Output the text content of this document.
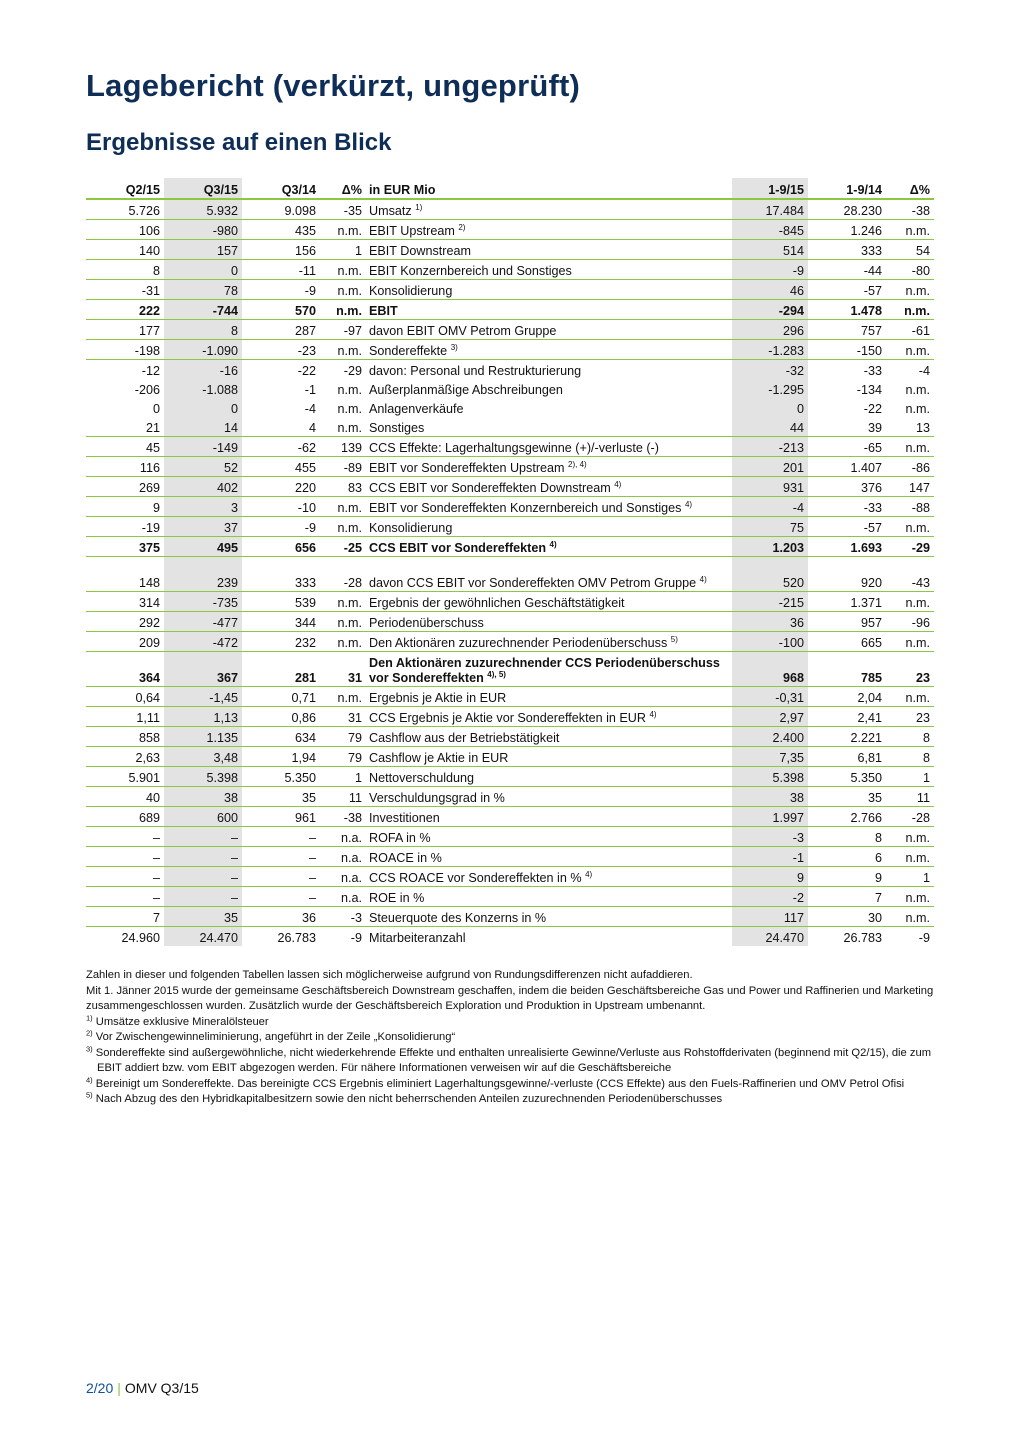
Lagebericht (verkürzt, ungeprüft)
Ergebnisse auf einen Blick
Q2/15	Q3/15	Q3/14	Δ%	in EUR Mio	1-9/15	1-9/14	Δ%
5.726	5.932	9.098	-35	Umsatz $^{1)}$	17.484	28.230	-38
106	-980	435	n.m.	EBIT Upstream $^{2)}$	-845	1.246	n.m.
140	157	156	1	EBIT Downstream	514	333	54
8	0	-11	n.m.	EBIT Konzernbereich und Sonstiges	-9	-44	-80
-31	78	-9	n.m.	Konsolidierung	46	-57	n.m.
222	-744	570	n.m.	EBIT	-294	1.478	n.m.
177	8	287	-97	davon EBIT OMV Petrom Gruppe	296	757	-61
-198	-1.090	-23	n.m.	Sondereffekte $^{3)}$	-1.283	-150	n.m.
-12	-16	-22	-29	davon: Personal und Restrukturierung	-32	-33	-4
-206	-1.088	-1	n.m.	Außerplanmäßige Abschreibungen	-1.295	-134	n.m.
0	0	-4	n.m.	Anlagenverkäufe	0	-22	n.m.
21	14	4	n.m.	Sonstiges	44	39	13
45	-149	-62	139	CCS Effekte: Lagerhaltungsgewinne (+)/-verluste (-)	-213	-65	n.m.
116	52	455	-89	EBIT vor Sondereffekten Upstream $^{2), 4)}$	201	1.407	-86
269	402	220	83	CCS EBIT vor Sondereffekten Downstream $^{4)}$	931	376	147
9	3	-10	n.m.	EBIT vor Sondereffekten Konzernbereich und Sonstiges $^{4)}$	-4	-33	-88
-19	37	-9	n.m.	Konsolidierung	75	-57	n.m.
375	495	656	-25	CCS EBIT vor Sondereffekten $^{4)}$	1.203	1.693	-29
148	239	333	-28	davon CCS EBIT vor Sondereffekten OMV Petrom Gruppe $^{4)}$	520	920	-43
314	-735	539	n.m.	Ergebnis der gewöhnlichen Geschäftstätigkeit	-215	1.371	n.m.
292	-477	344	n.m.	Periodenüberschuss	36	957	-96
209	-472	232	n.m.	Den Aktionären zuzurechnender Periodenüberschuss $^{5)}$	-100	665	n.m.
364	367	281	31	Den Aktionären zuzurechnender CCS Periodenüberschuss vor Sondereffekten $^{4), 5)}$	968	785	23
0,64	-1,45	0,71	n.m.	Ergebnis je Aktie in EUR	-0,31	2,04	n.m.
1,11	1,13	0,86	31	CCS Ergebnis je Aktie vor Sondereffekten in EUR $^{4)}$	2,97	2,41	23
858	1.135	634	79	Cashflow aus der Betriebstätigkeit	2.400	2.221	8
2,63	3,48	1,94	79	Cashflow je Aktie in EUR	7,35	6,81	8
5.901	5.398	5.350	1	Nettoverschuldung	5.398	5.350	1
40	38	35	11	Verschuldungsgrad in %	38	35	11
689	600	961	-38	Investitionen	1.997	2.766	-28
–	–	–	n.a.	ROFA in %	-3	8	n.m.
–	–	–	n.a.	ROACE in %	-1	6	n.m.
–	–	–	n.a.	CCS ROACE vor Sondereffekten in % $^{4)}$	9	9	1
–	–	–	n.a.	ROE in %	-2	7	n.m.
7	35	36	-3	Steuerquote des Konzerns in %	117	30	n.m.
24.960	24.470	26.783	-9	Mitarbeiteranzahl	24.470	26.783	-9

Zahlen in dieser und folgenden Tabellen lassen sich möglicherweise aufgrund von Rundungsdifferenzen nicht aufaddieren.

Mit 1. Jänner 2015 wurde der gemeinsame Geschäftsbereich Downstream geschaffen, indem die beiden Geschäftsbereiche Gas und Power und Raffinerien und Marketing zusammengeschlossen wurden. Zusätzlich wurde der Geschäftsbereich Exploration und Produktion in Upstream umbenannt.

$^{1)}$ Umsätze exklusive Mineralölsteuer
$^{2)}$ Vor Zwischengewinneliminierung, angeführt in der Zeile „Konsolidierung“
$^{3)}$ Sondereffekte sind außergewöhnliche, nicht wiederkehrende Effekte und enthalten unrealisierte Gewinne/Verluste aus Rohstoffderivaten (beginnend mit Q2/15), die zum EBIT addiert bzw. vom EBIT abgezogen werden. Für nähere Informationen verweisen wir auf die Geschäftsbereiche
$^{4)}$ Bereinigt um Sondereffekte. Das bereinigte CCS Ergebnis eliminiert Lagerhaltungsgewinne/-verluste (CCS Effekte) aus den Fuels-Raffinerien und OMV Petrol Ofisi
$^{5)}$ Nach Abzug des den Hybridkapitalbesitzern sowie den nicht beherrschenden Anteilen zuzurechnenden Periodenüberschusses
2/20 | OMV Q3/15
